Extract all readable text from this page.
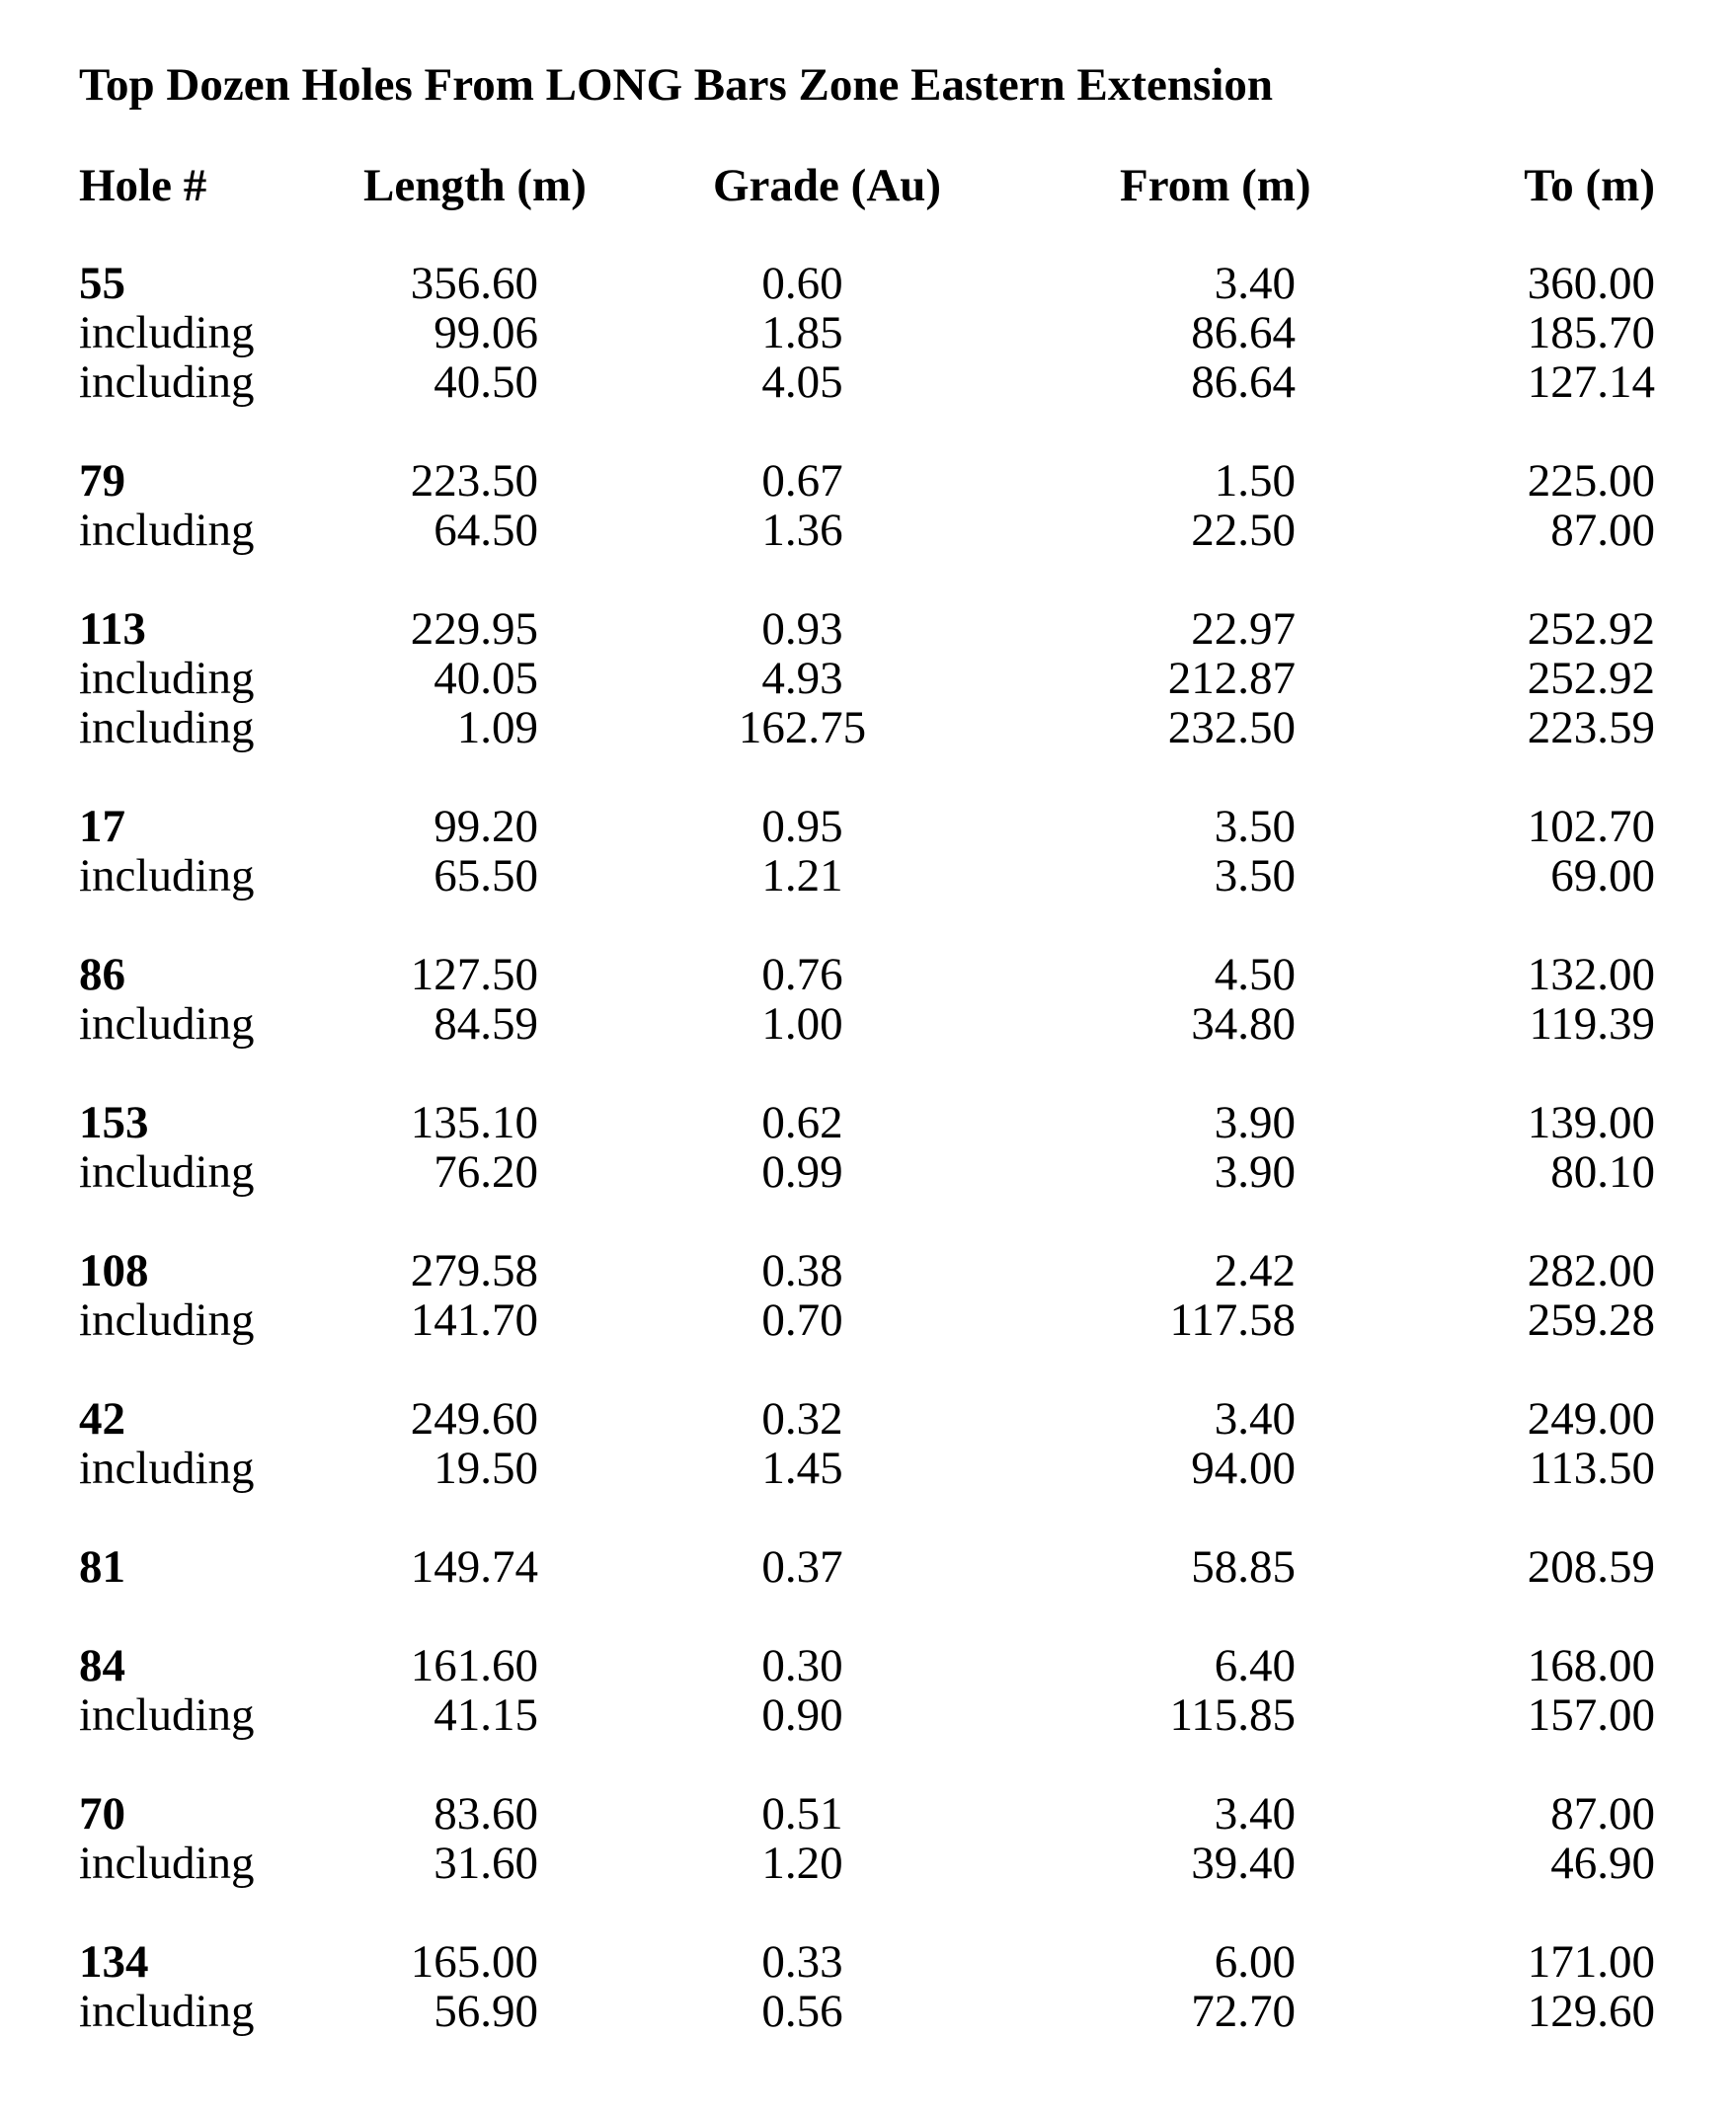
Top Dozen Holes From LONG Bars Zone Eastern Extension
Hole #	Length (m)	Grade (Au)	From (m)	To (m)
55	356.60	0.60	3.40	360.00
including	99.06	1.85	86.64	185.70
including	40.50	4.05	86.64	127.14
79	223.50	0.67	1.50	225.00
including	64.50	1.36	22.50	87.00
113	229.95	0.93	22.97	252.92
including	40.05	4.93	212.87	252.92
including	1.09	162.75	232.50	223.59
17	99.20	0.95	3.50	102.70
including	65.50	1.21	3.50	69.00
86	127.50	0.76	4.50	132.00
including	84.59	1.00	34.80	119.39
153	135.10	0.62	3.90	139.00
including	76.20	0.99	3.90	80.10
108	279.58	0.38	2.42	282.00
including	141.70	0.70	117.58	259.28
42	249.60	0.32	3.40	249.00
including	19.50	1.45	94.00	113.50
81	149.74	0.37	58.85	208.59
84	161.60	0.30	6.40	168.00
including	41.15	0.90	115.85	157.00
70	83.60	0.51	3.40	87.00
including	31.60	1.20	39.40	46.90
134	165.00	0.33	6.00	171.00
including	56.90	0.56	72.70	129.60
